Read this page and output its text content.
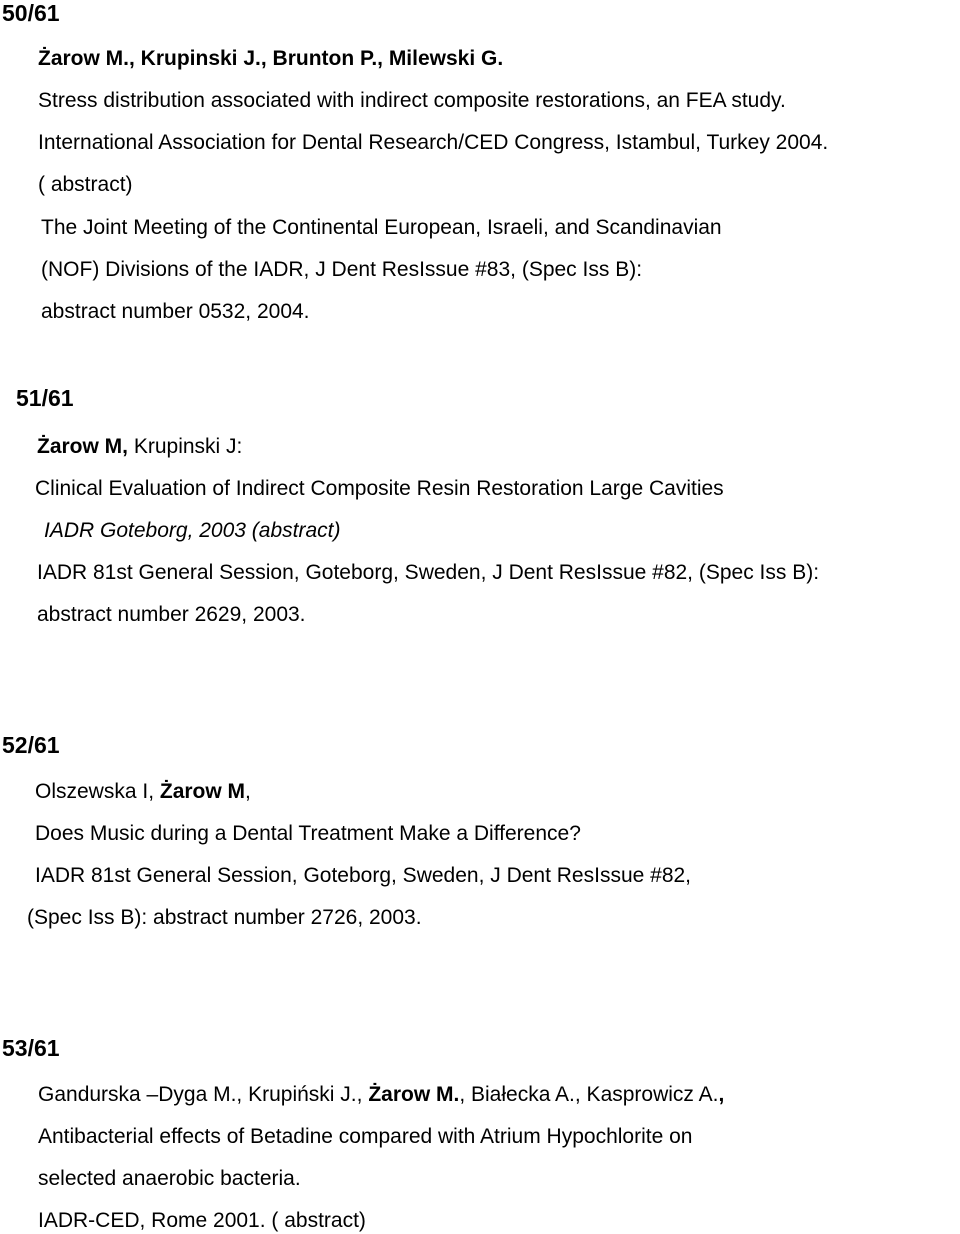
50/61
Żarow M., Krupinski J., Brunton P., Milewski G.
Stress distribution associated with indirect composite restorations, an FEA study.
International Association for Dental Research/CED Congress, Istambul, Turkey 2004.
( abstract)
The Joint Meeting of the Continental European, Israeli, and Scandinavian
(NOF) Divisions of the IADR, J Dent ResIssue #83, (Spec Iss B):
abstract number 0532, 2004.
51/61
Żarow M, Krupinski J:
Clinical Evaluation of Indirect Composite Resin Restoration Large Cavities
IADR Goteborg, 2003 (abstract)
IADR 81st General Session, Goteborg, Sweden, J Dent ResIssue #82, (Spec Iss B):
abstract number 2629, 2003.
52/61
Olszewska I, Żarow M,
Does Music during a Dental Treatment Make a Difference?
IADR 81st General Session, Goteborg, Sweden, J Dent ResIssue #82,
(Spec Iss B): abstract number 2726, 2003.
53/61
Gandurska –Dyga M., Krupiński J., Żarow M., Białecka A., Kasprowicz A.,
Antibacterial effects of Betadine compared with Atrium Hypochlorite on
selected anaerobic bacteria.
IADR-CED, Rome 2001. ( abstract)
